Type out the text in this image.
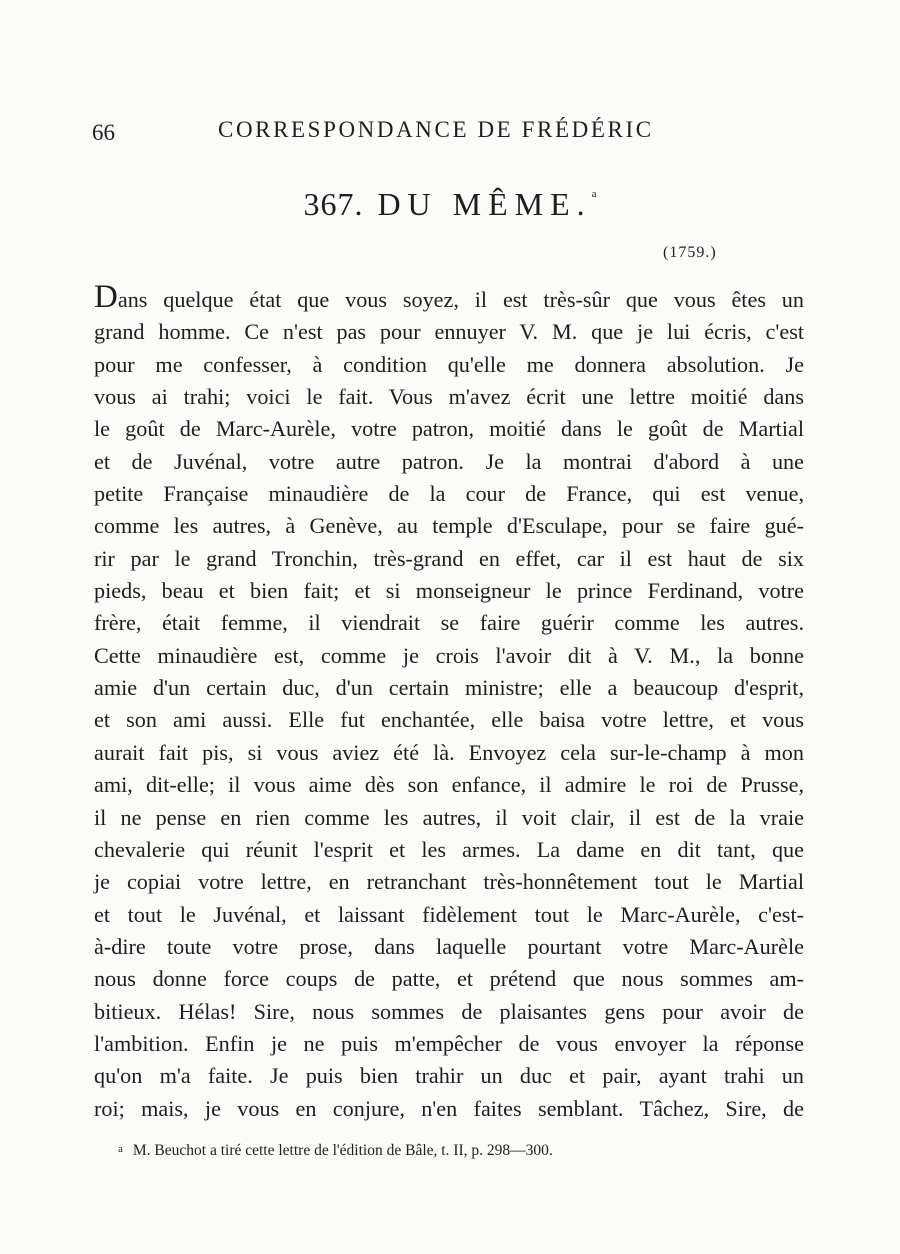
66	CORRESPONDANCE DE FRÉDÉRIC
367. DU MÊME.$^a$
(1759.)
Dans quelque état que vous soyez, il est très-sûr que vous êtes un
grand homme. Ce n'est pas pour ennuyer V. M. que je lui écris, c'est
pour me confesser, à condition qu'elle me donnera absolution. Je
vous ai trahi; voici le fait. Vous m'avez écrit une lettre moitié dans
le goût de Marc-Aurèle, votre patron, moitié dans le goût de Martial
et de Juvénal, votre autre patron. Je la montrai d'abord à une
petite Française minaudière de la cour de France, qui est venue,
comme les autres, à Genève, au temple d'Esculape, pour se faire gué-
rir par le grand Tronchin, très-grand en effet, car il est haut de six
pieds, beau et bien fait; et si monseigneur le prince Ferdinand, votre
frère, était femme, il viendrait se faire guérir comme les autres.
Cette minaudière est, comme je crois l'avoir dit à V. M., la bonne
amie d'un certain duc, d'un certain ministre; elle a beaucoup d'esprit,
et son ami aussi. Elle fut enchantée, elle baisa votre lettre, et vous
aurait fait pis, si vous aviez été là. Envoyez cela sur-le-champ à mon
ami, dit-elle; il vous aime dès son enfance, il admire le roi de Prusse,
il ne pense en rien comme les autres, il voit clair, il est de la vraie
chevalerie qui réunit l'esprit et les armes. La dame en dit tant, que
je copiai votre lettre, en retranchant très-honnêtement tout le Martial
et tout le Juvénal, et laissant fidèlement tout le Marc-Aurèle, c'est-
à-dire toute votre prose, dans laquelle pourtant votre Marc-Aurèle
nous donne force coups de patte, et prétend que nous sommes am-
bitieux. Hélas! Sire, nous sommes de plaisantes gens pour avoir de
l'ambition. Enfin je ne puis m'empêcher de vous envoyer la réponse
qu'on m'a faite. Je puis bien trahir un duc et pair, ayant trahi un
roi; mais, je vous en conjure, n'en faites semblant. Tâchez, Sire, de
a M. Beuchot a tiré cette lettre de l'édition de Bâle, t. II, p. 298—300.
